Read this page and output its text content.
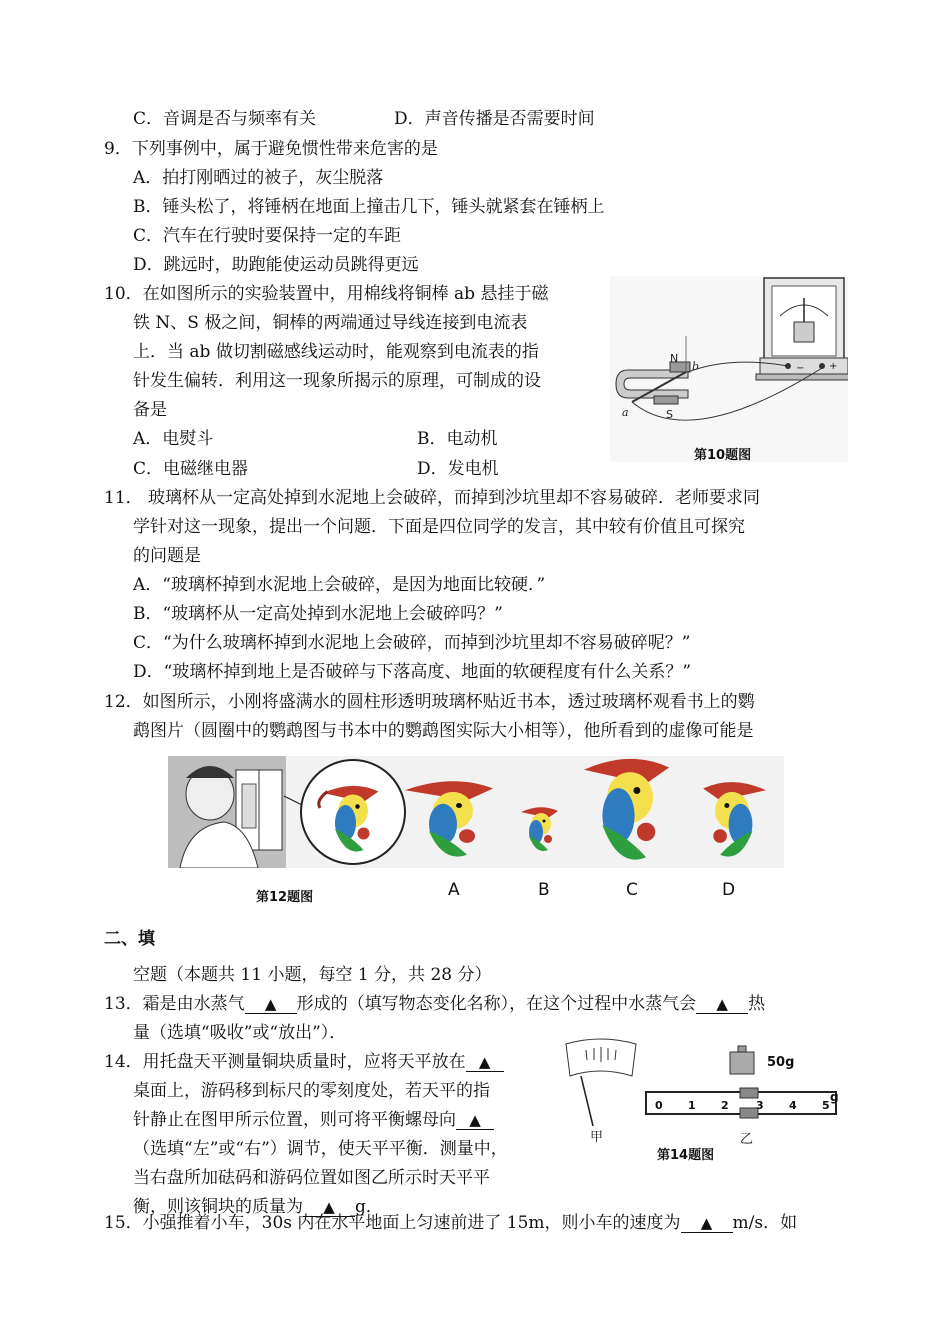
C．音调是否与频率有关	D．声音传播是否需要时间
9．下列事例中，属于避免惯性带来危害的是
A．拍打刚晒过的被子，灰尘脱落
B．锤头松了，将锤柄在地面上撞击几下，锤头就紧套在锤柄上
C．汽车在行驶时要保持一定的车距
D．跳远时，助跑能使运动员跳得更远
10．在如图所示的实验装置中，用棉线将铜棒 ab 悬挂于磁
铁 N、S 极之间，铜棒的两端通过导线连接到电流表
上．当 ab 做切割磁感线运动时，能观察到电流表的指
针发生偏转．利用这一现象所揭示的原理，可制成的设
备是
A．电熨斗	B．电动机
C．电磁继电器	D．发电机
+
−
N
S
b
a
第10题图
11． 玻璃杯从一定高处掉到水泥地上会破碎，而掉到沙坑里却不容易破碎．老师要求同
学针对这一现象，提出一个问题．下面是四位同学的发言，其中较有价值且可探究
的问题是
A．“玻璃杯掉到水泥地上会破碎，是因为地面比较硬．”
B．“玻璃杯从一定高处掉到水泥地上会破碎吗？”
C．“为什么玻璃杯掉到水泥地上会破碎，而掉到沙坑里却不容易破碎呢？”
D．“玻璃杯掉到地上是否破碎与下落高度、地面的软硬程度有什么关系？”
12．如图所示，小刚将盛满水的圆柱形透明玻璃杯贴近书本，透过玻璃杯观看书上的鹦
鹉图片（圆圈中的鹦鹉图与书本中的鹦鹉图实际大小相等），他所看到的虚像可能是
第12题图	A	B	C	D
二、填
空题（本题共 11 小题，每空 1 分，共 28 分）
13．霜是由水蒸气 ▲ 形成的（填写物态变化名称），在这个过程中水蒸气会 ▲ 热
量（选填“吸收”或“放出”）．
14．用托盘天平测量铜块质量时，应将天平放在 ▲
桌面上，游码移到标尺的零刻度处，若天平的指
针静止在图甲所示位置，则可将平衡螺母向 ▲
（选填“左”或“右”）调节，使天平平衡．测量中，
当右盘所加砝码和游码位置如图乙所示时天平平
衡，则该铜块的质量为 ▲ g．
50g
0 1 2 3 4 5
g
甲	乙
第14题图
15．小强推着小车，30s 内在水平地面上匀速前进了 15m，则小车的速度为 ▲ m/s．如
